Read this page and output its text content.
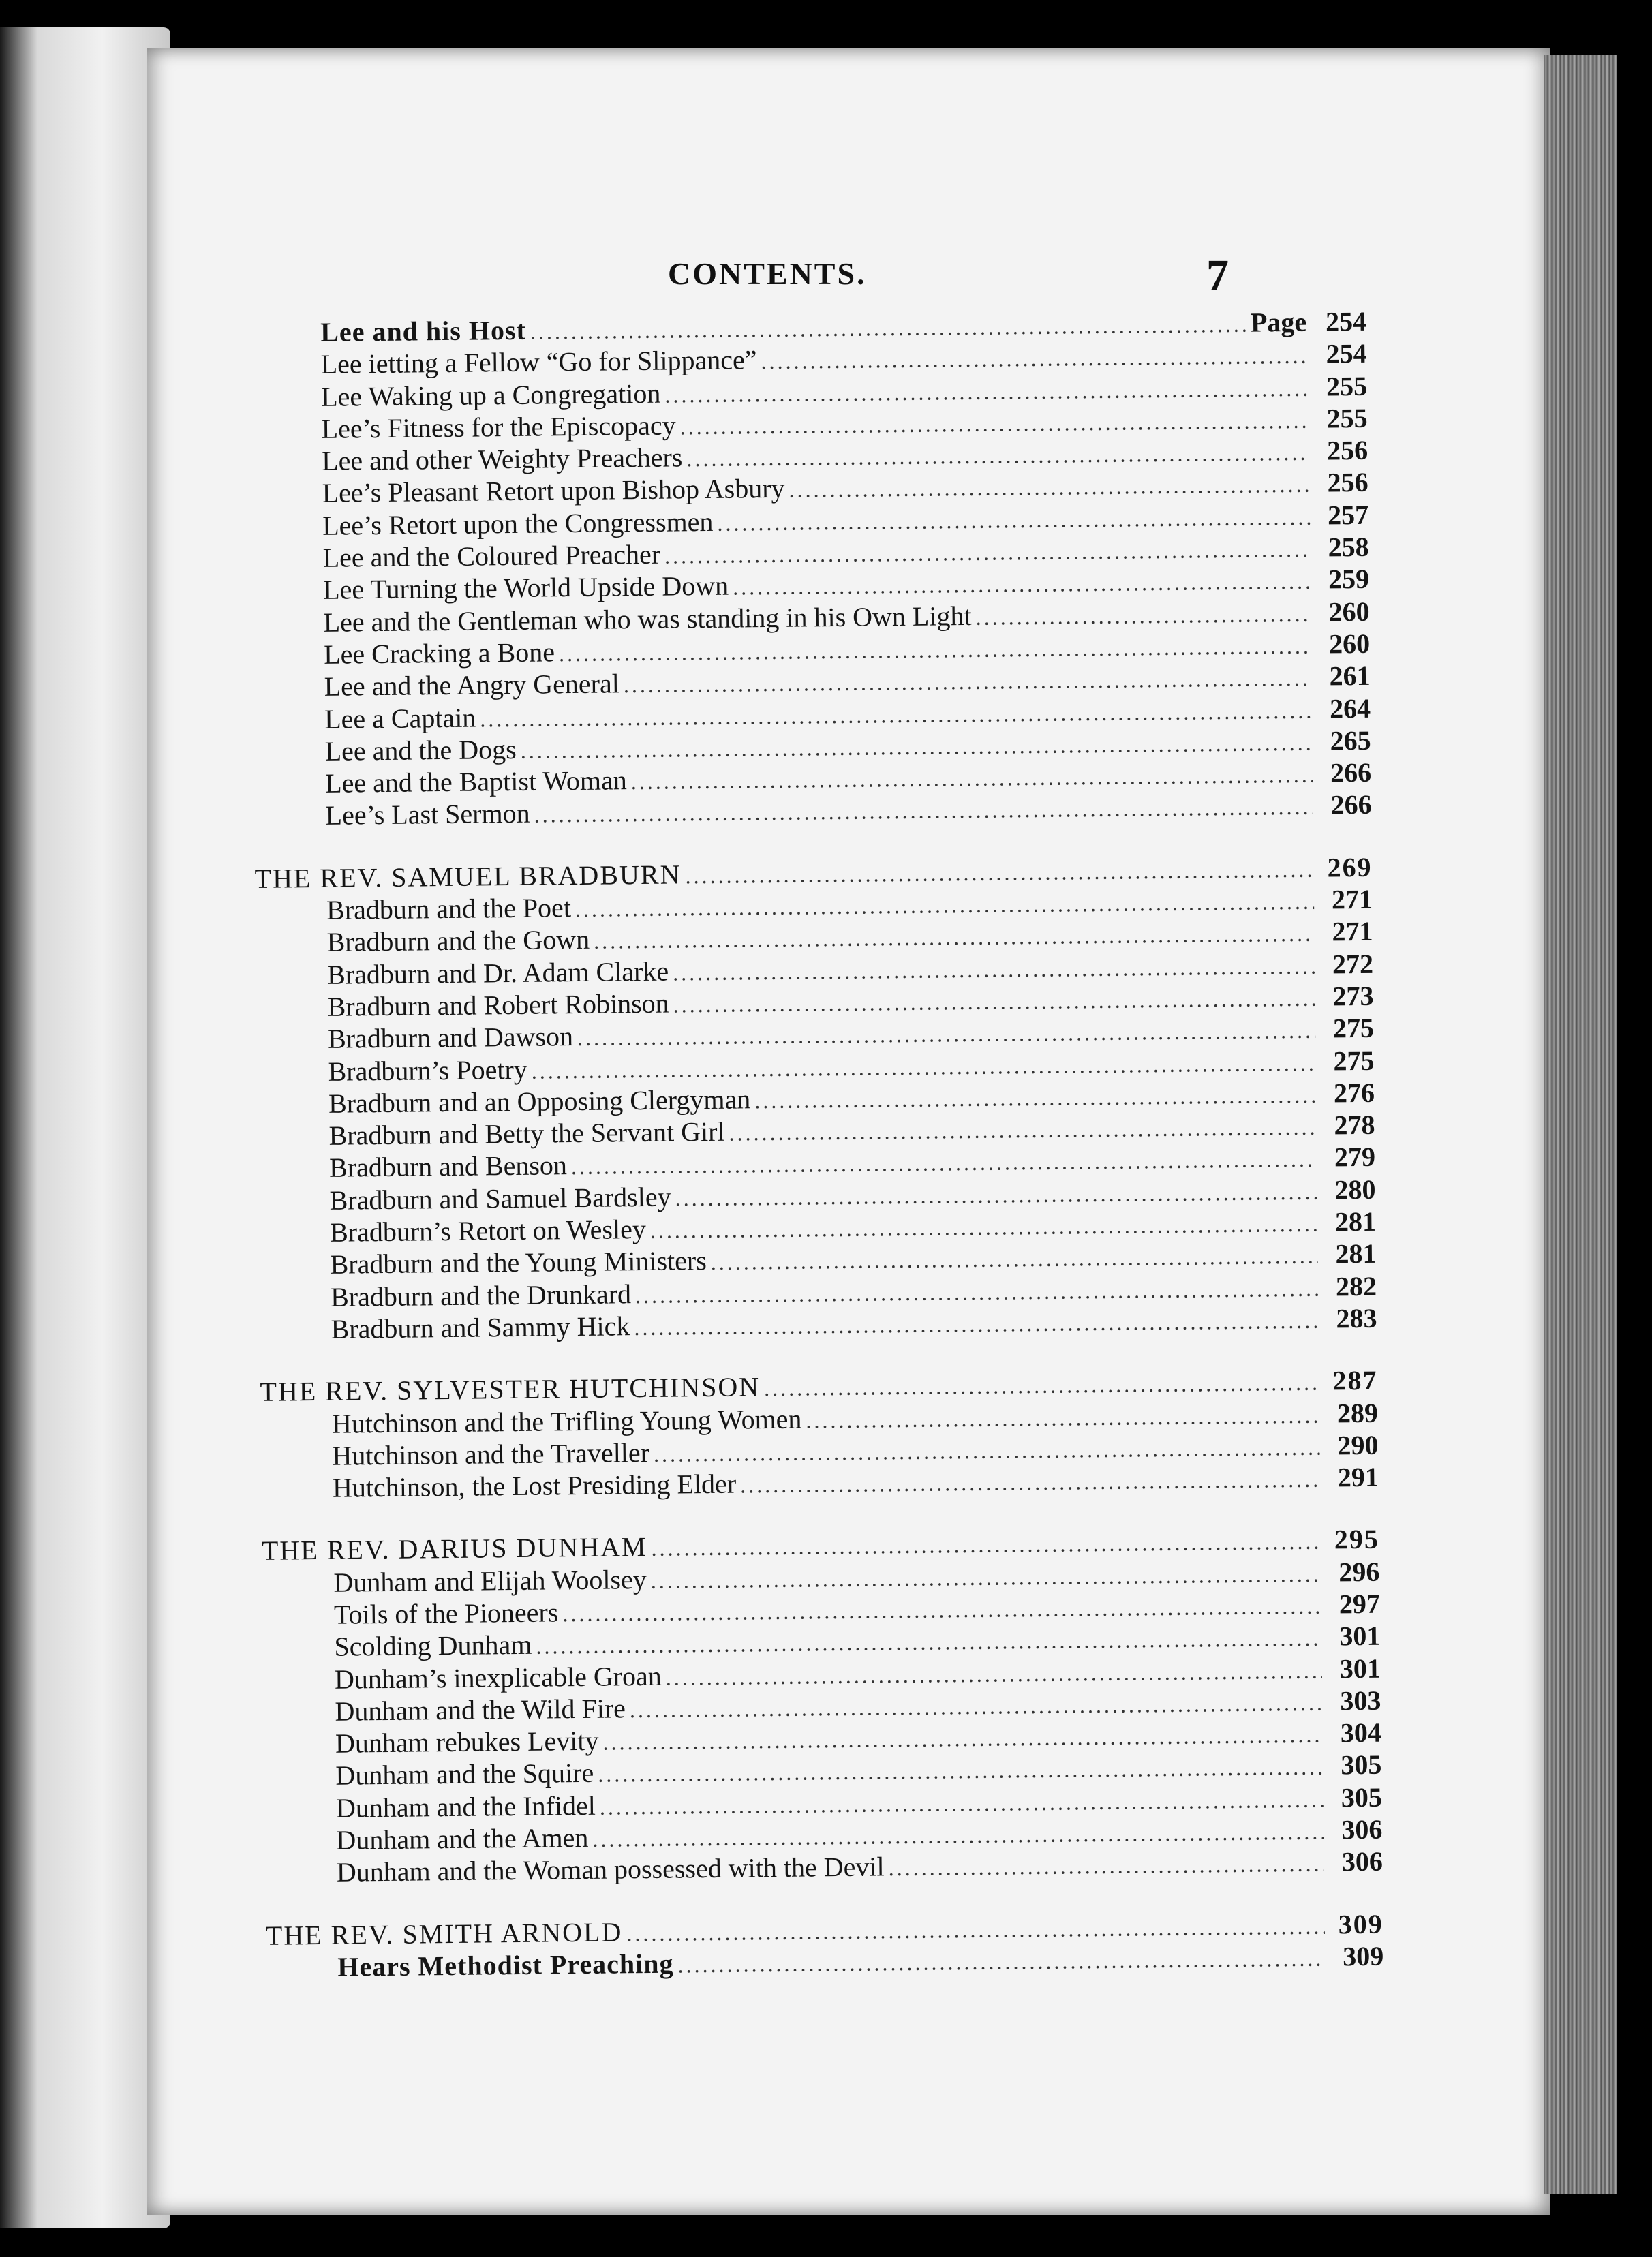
CONTENTS.	7
Lee and his Host .....	Page 254
Lee ietting a Fellow “Go for Slippance” .....	254
Lee Waking up a Congregation .....	255
Lee’s Fitness for the Episcopacy .....	255
Lee and other Weighty Preachers .....	256
Lee’s Pleasant Retort upon Bishop Asbury .....	256
Lee’s Retort upon the Congressmen .....	257
Lee and the Coloured Preacher .....	258
Lee Turning the World Upside Down .....	259
Lee and the Gentleman who was standing in his Own Light .....	260
Lee Cracking a Bone .....	260
Lee and the Angry General .....	261
Lee a Captain .....	264
Lee and the Dogs .....	265
Lee and the Baptist Woman .....	266
Lee’s Last Sermon .....	266
THE REV. SAMUEL BRADBURN .....	269
Bradburn and the Poet .....	271
Bradburn and the Gown .....	271
Bradburn and Dr. Adam Clarke .....	272
Bradburn and Robert Robinson .....	273
Bradburn and Dawson .....	275
Bradburn’s Poetry .....	275
Bradburn and an Opposing Clergyman .....	276
Bradburn and Betty the Servant Girl .....	278
Bradburn and Benson .....	279
Bradburn and Samuel Bardsley .....	280
Bradburn’s Retort on Wesley .....	281
Bradburn and the Young Ministers .....	281
Bradburn and the Drunkard .....	282
Bradburn and Sammy Hick .....	283
THE REV. SYLVESTER HUTCHINSON .....	287
Hutchinson and the Trifling Young Women .....	289
Hutchinson and the Traveller .....	290
Hutchinson, the Lost Presiding Elder .....	291
THE REV. DARIUS DUNHAM .....	295
Dunham and Elijah Woolsey .....	296
Toils of the Pioneers .....	297
Scolding Dunham .....	301
Dunham’s inexplicable Groan .....	301
Dunham and the Wild Fire .....	303
Dunham rebukes Levity .....	304
Dunham and the Squire .....	305
Dunham and the Infidel .....	305
Dunham and the Amen .....	306
Dunham and the Woman possessed with the Devil .....	306
THE REV. SMITH ARNOLD .....	309
Hears Methodist Preaching .....	309
